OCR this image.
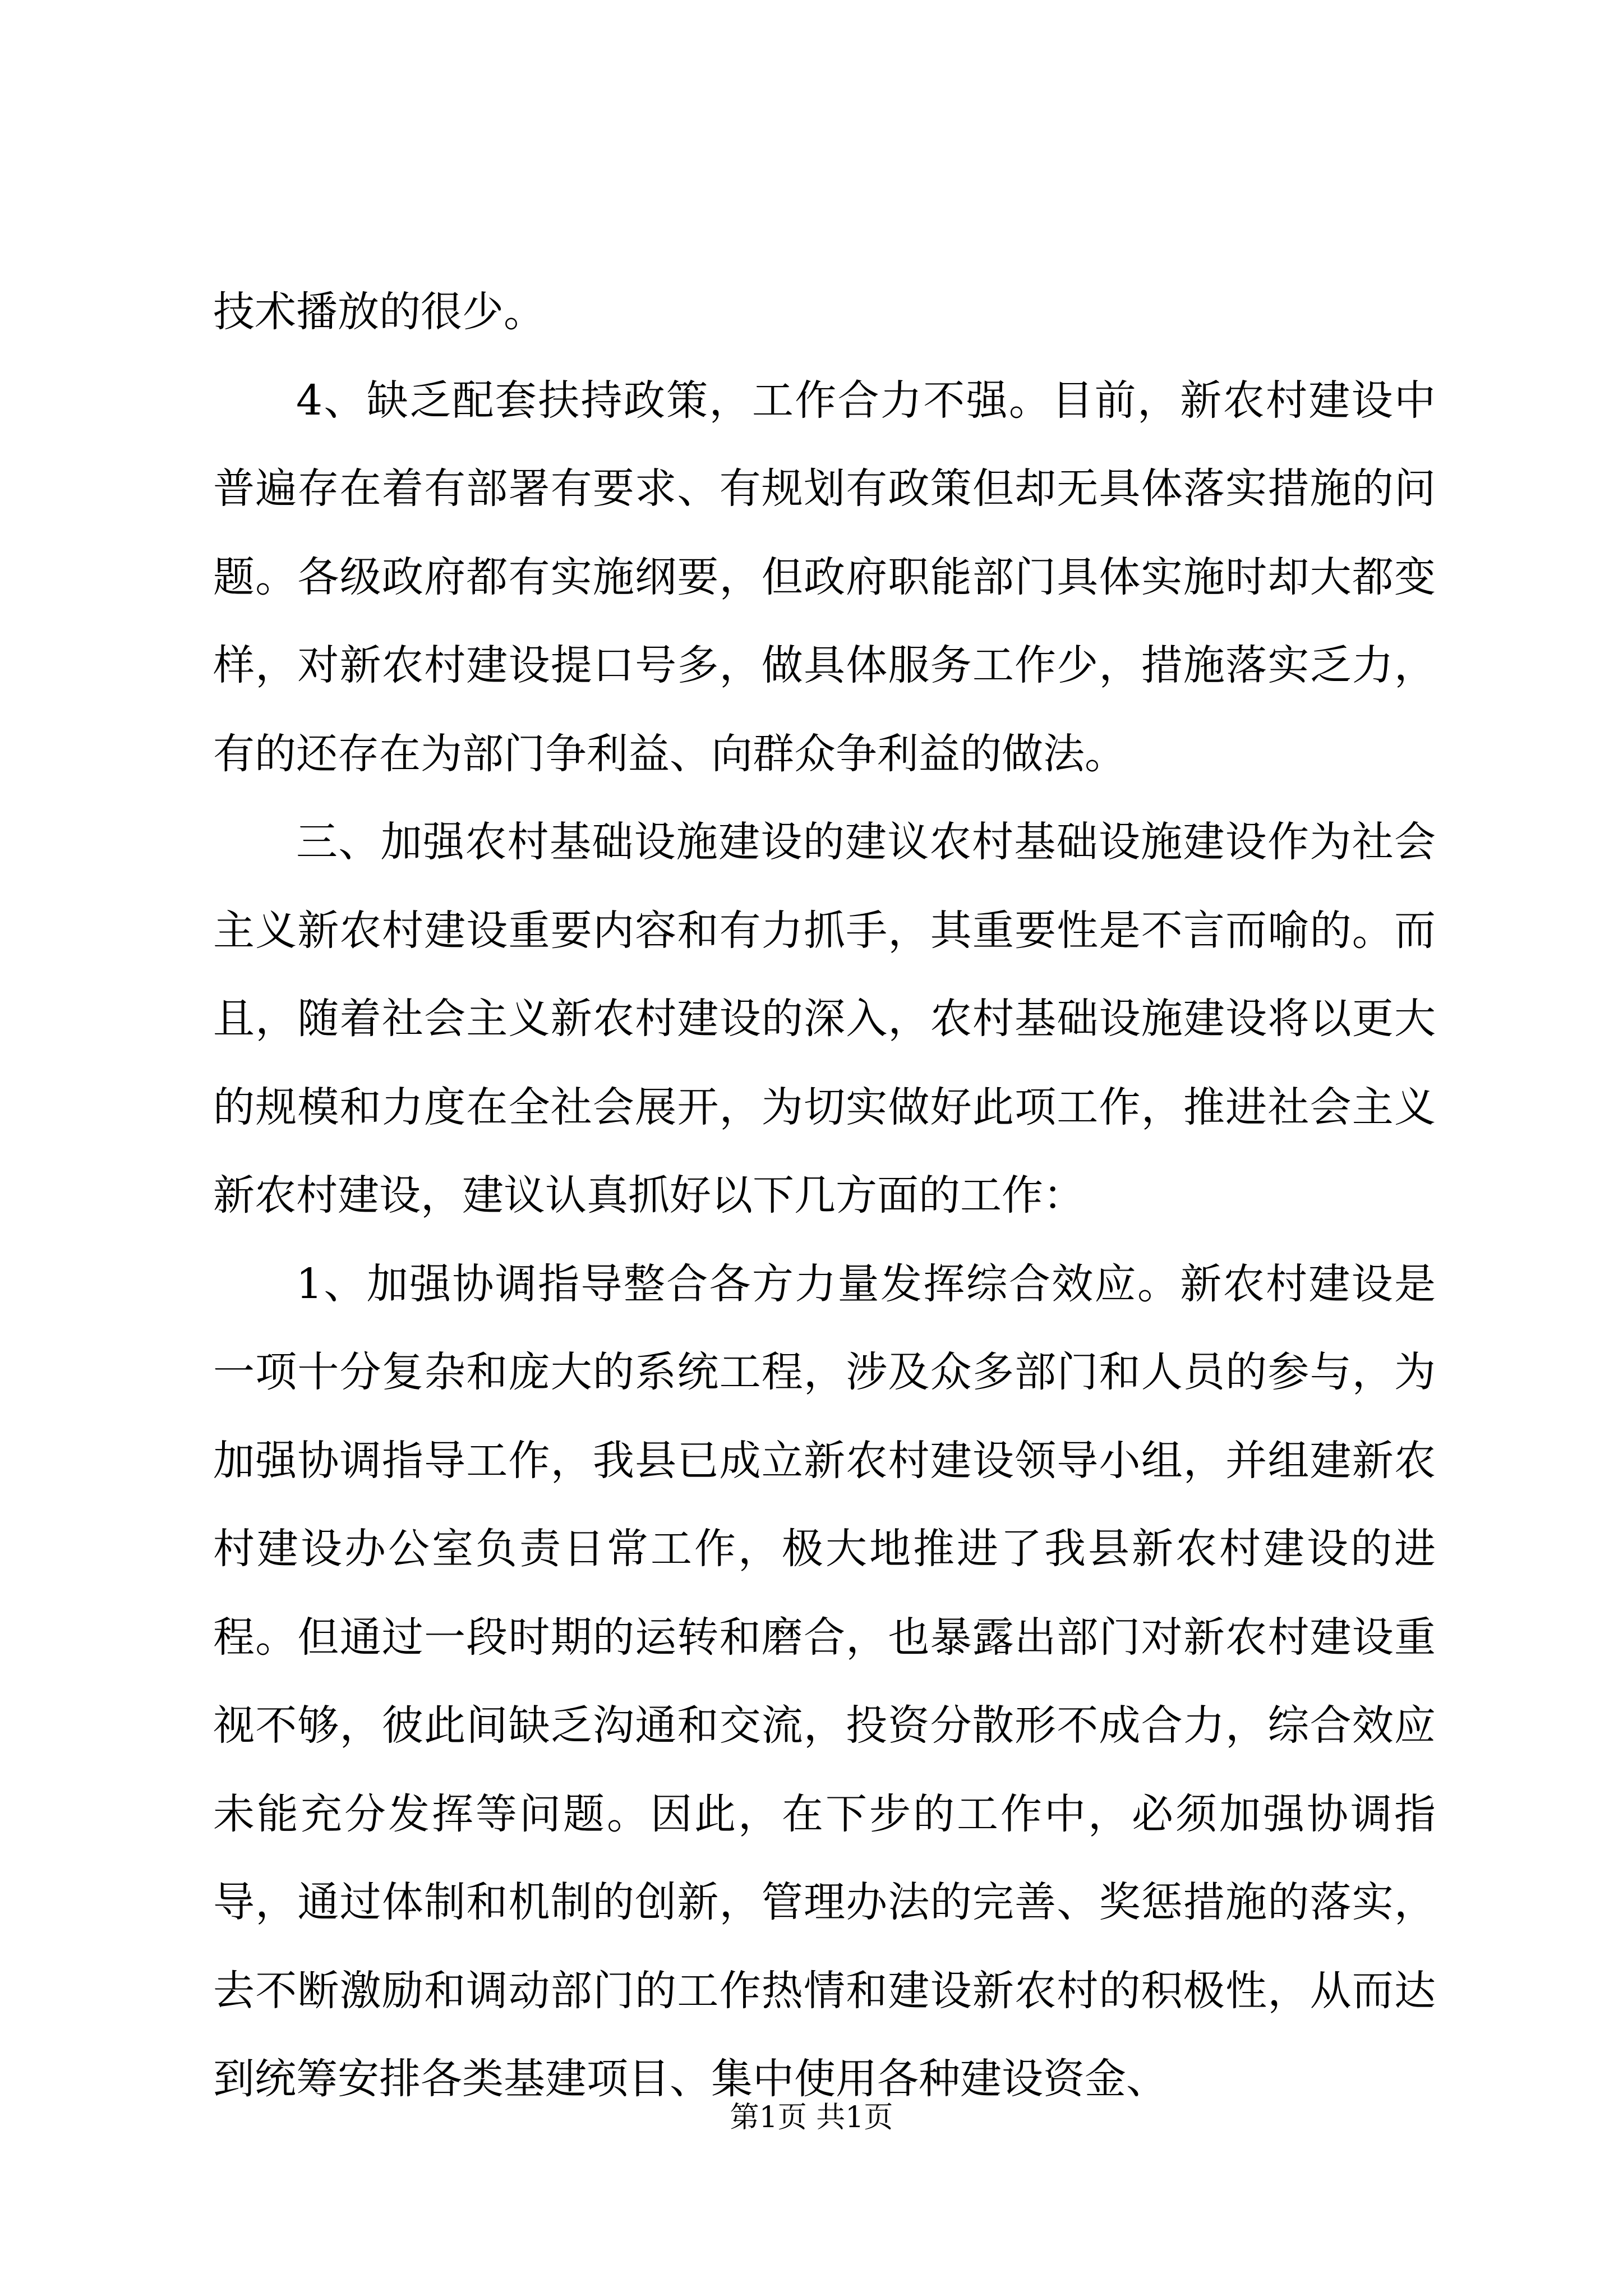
技术播放的很少。

4、缺乏配套扶持政策，工作合力不强。目前，新农村建设中普遍存在着有部署有要求、有规划有政策但却无具体落实措施的问题。各级政府都有实施纲要，但政府职能部门具体实施时却大都变样，对新农村建设提口号多，做具体服务工作少，措施落实乏力，有的还存在为部门争利益、向群众争利益的做法。

三、加强农村基础设施建设的建议农村基础设施建设作为社会主义新农村建设重要内容和有力抓手，其重要性是不言而喻的。而且，随着社会主义新农村建设的深入，农村基础设施建设将以更大的规模和力度在全社会展开，为切实做好此项工作，推进社会主义新农村建设，建议认真抓好以下几方面的工作：

1、加强协调指导整合各方力量发挥综合效应。新农村建设是一项十分复杂和庞大的系统工程，涉及众多部门和人员的参与，为加强协调指导工作，我县已成立新农村建设领导小组，并组建新农村建设办公室负责日常工作，极大地推进了我县新农村建设的进程。但通过一段时期的运转和磨合，也暴露出部门对新农村建设重视不够，彼此间缺乏沟通和交流，投资分散形不成合力，综合效应未能充分发挥等问题。因此，在下步的工作中，必须加强协调指导，通过体制和机制的创新，管理办法的完善、奖惩措施的落实，去不断激励和调动部门的工作热情和建设新农村的积极性，从而达到统筹安排各类基建项目、集中使用各种建设资金、

第1页 共1页
